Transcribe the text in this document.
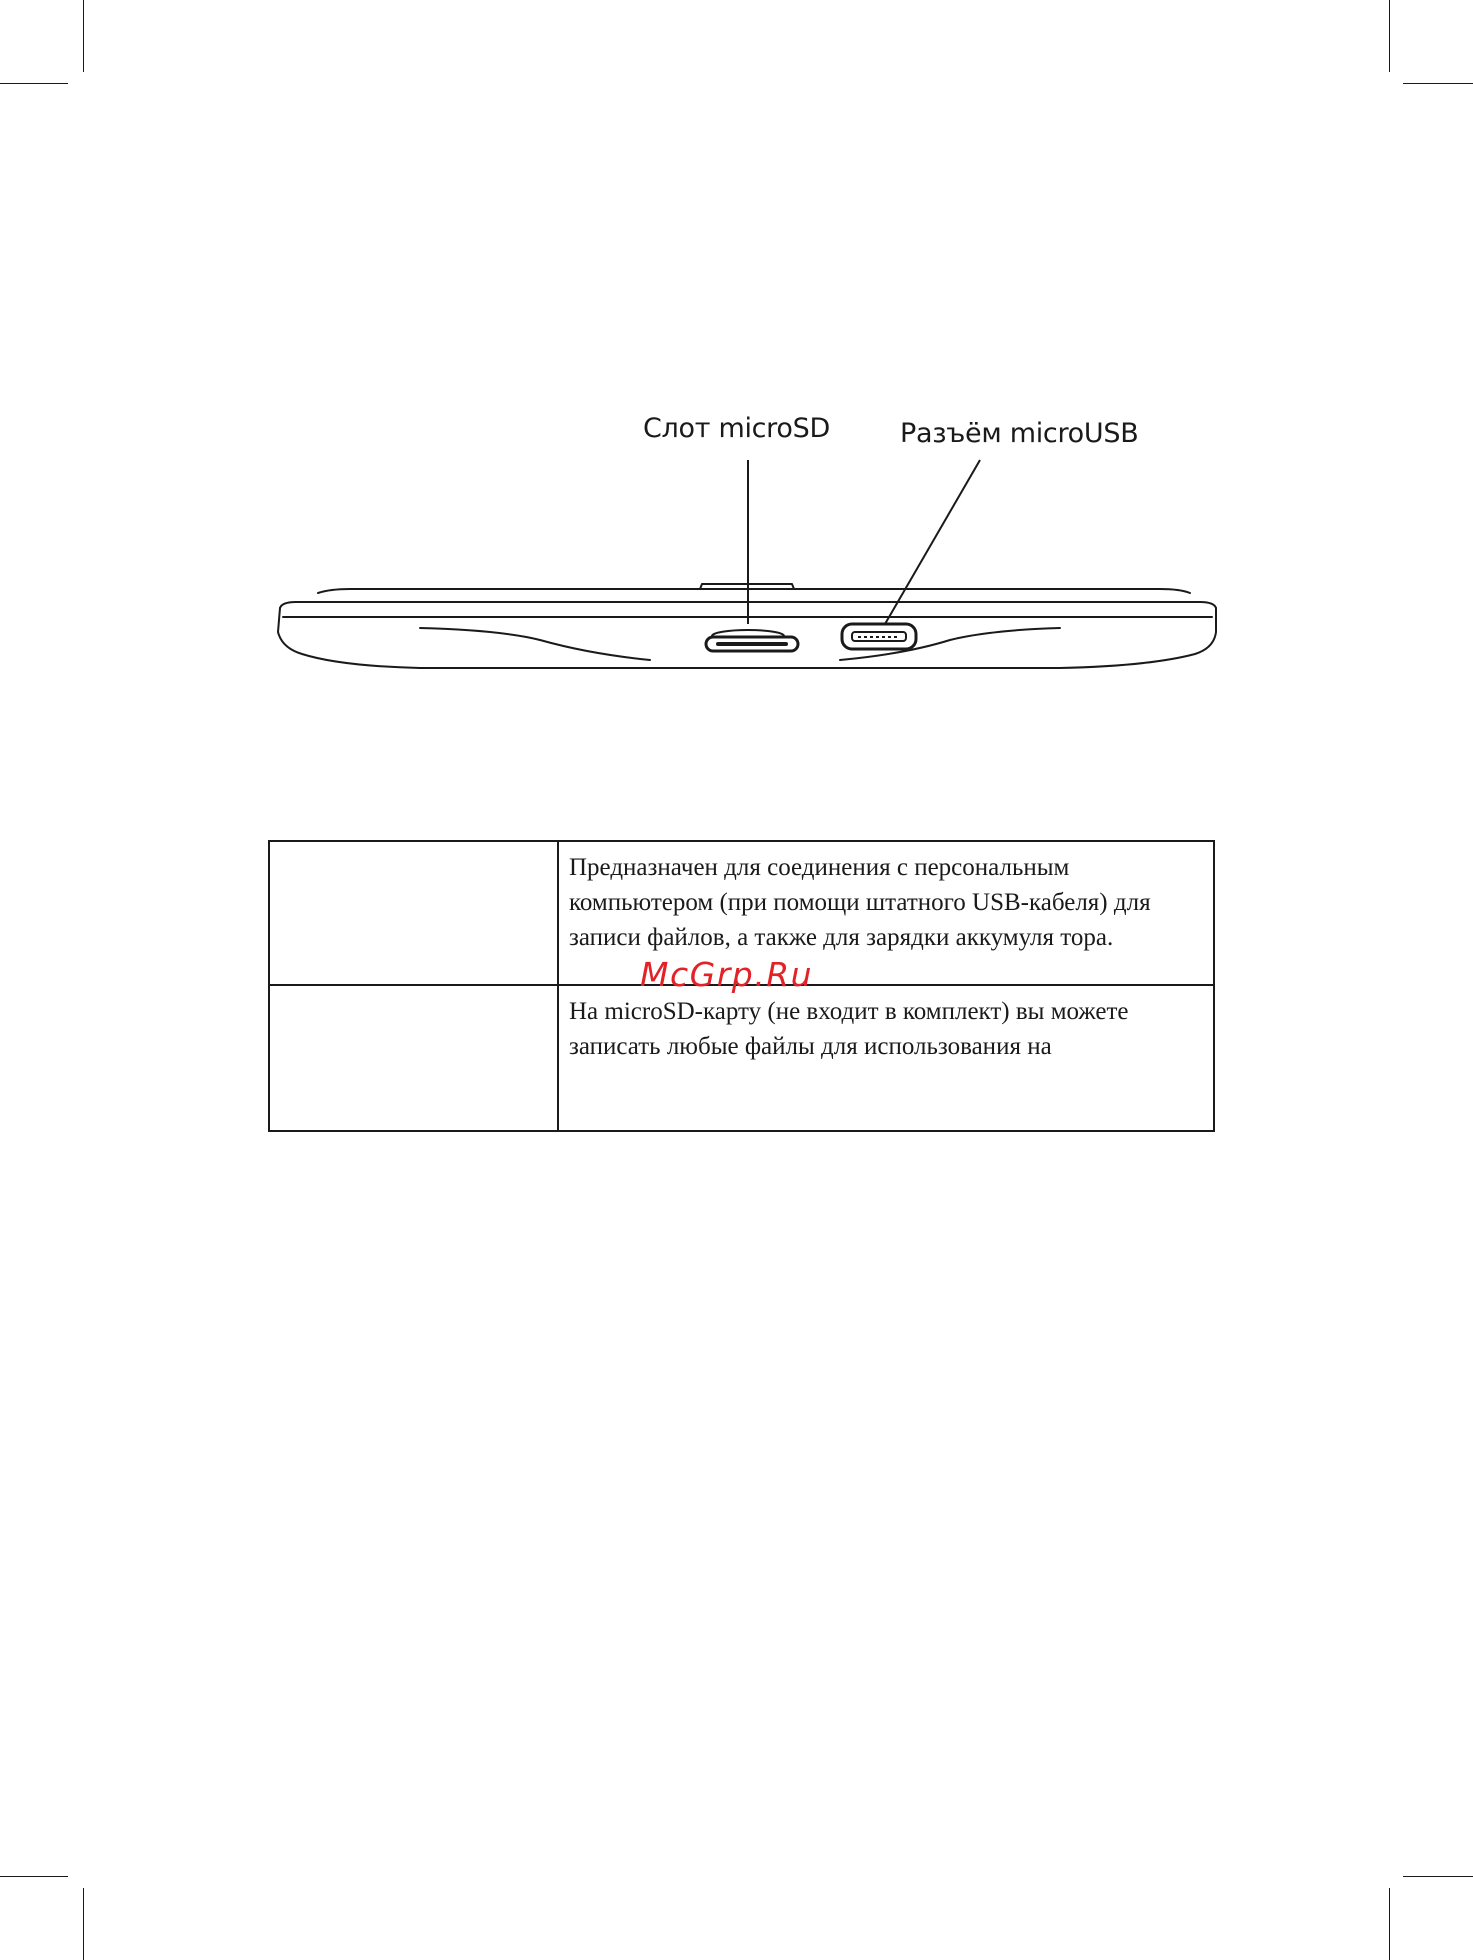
Слот microSD	Разъём microUSB
	Предназначен для соединения с персональным компьютером (при помощи штатного USB-кабеля) для записи файлов, а также для зарядки аккумуля тора.
	На microSD-карту (не входит в комплект) вы можете записать любые файлы для использования на
McGrp.Ru
